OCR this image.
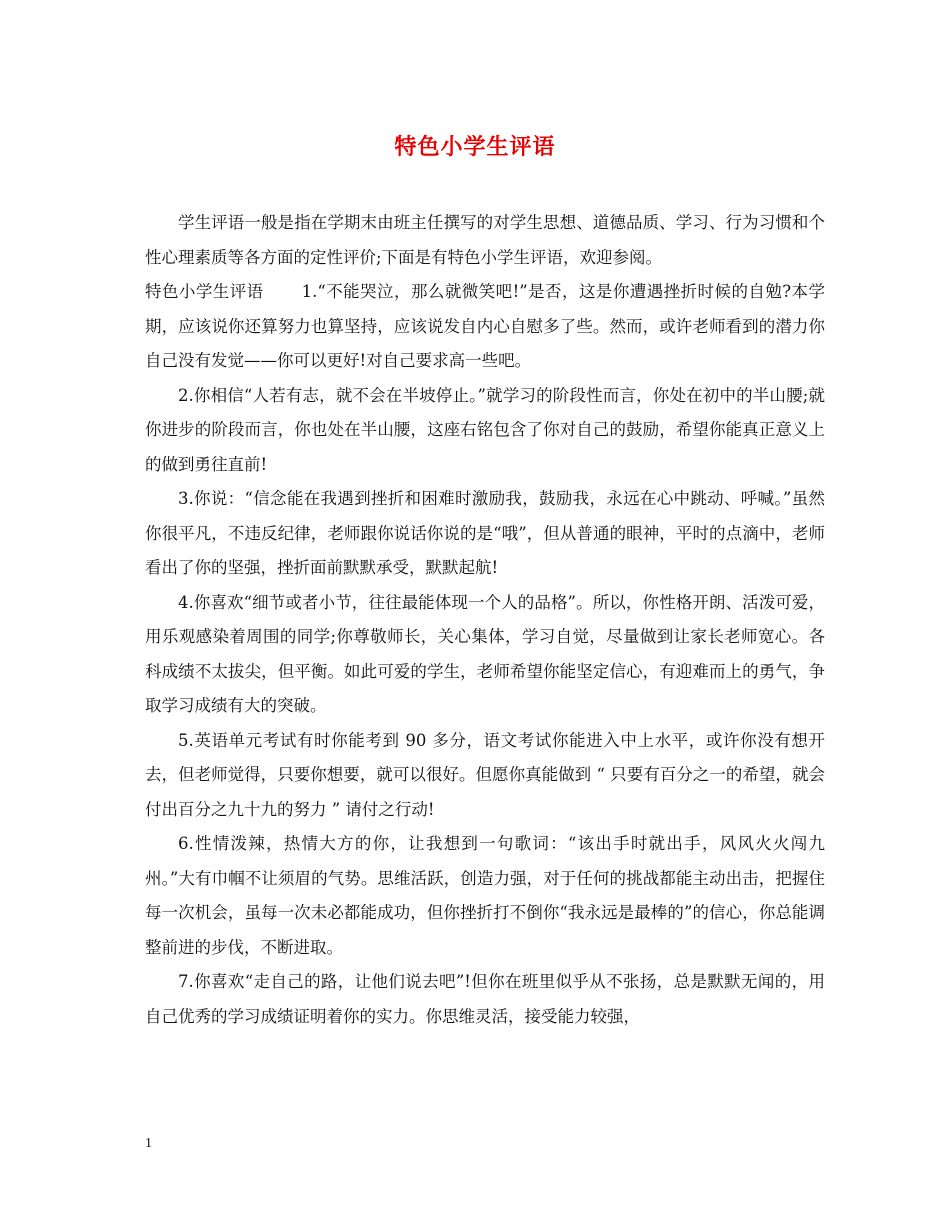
特色小学生评语

学生评语一般是指在学期末由班主任撰写的对学生思想、道德品质、学习、行为习惯和个性心理素质等各方面的定性评价;下面是有特色小学生评语，欢迎参阅。

特色小学生评语 1.“不能哭泣，那么就微笑吧!”是否，这是你遭遇挫折时候的自勉?本学期，应该说你还算努力也算坚持，应该说发自内心自慰多了些。然而，或许老师看到的潜力你自己没有发觉——你可以更好!对自己要求高一些吧。

2.你相信“人若有志，就不会在半坡停止。”就学习的阶段性而言，你处在初中的半山腰;就你进步的阶段而言，你也处在半山腰，这座右铭包含了你对自己的鼓励，希望你能真正意义上的做到勇往直前!

3.你说：“信念能在我遇到挫折和困难时激励我，鼓励我，永远在心中跳动、呼喊。”虽然你很平凡，不违反纪律，老师跟你说话你说的是“哦”，但从普通的眼神，平时的点滴中，老师看出了你的坚强，挫折面前默默承受，默默起航!

4.你喜欢“细节或者小节，往往最能体现一个人的品格”。所以，你性格开朗、活泼可爱，用乐观感染着周围的同学;你尊敬师长，关心集体，学习自觉，尽量做到让家长老师宽心。各科成绩不太拔尖，但平衡。如此可爱的学生，老师希望你能坚定信心，有迎难而上的勇气，争取学习成绩有大的突破。

5.英语单元考试有时你能考到 90 多分，语文考试你能进入中上水平，或许你没有想开去，但老师觉得，只要你想要，就可以很好。但愿你真能做到 “ 只要有百分之一的希望，就会付出百分之九十九的努力 ” 请付之行动!

6.性情泼辣，热情大方的你，让我想到一句歌词：“该出手时就出手，风风火火闯九州。”大有巾帼不让须眉的气势。思维活跃，创造力强，对于任何的挑战都能主动出击，把握住每一次机会，虽每一次未必都能成功，但你挫折打不倒你“我永远是最棒的”的信心，你总能调整前进的步伐，不断进取。

7.你喜欢“走自己的路，让他们说去吧”!但你在班里似乎从不张扬，总是默默无闻的，用自己优秀的学习成绩证明着你的实力。你思维灵活，接受能力较强，

1
